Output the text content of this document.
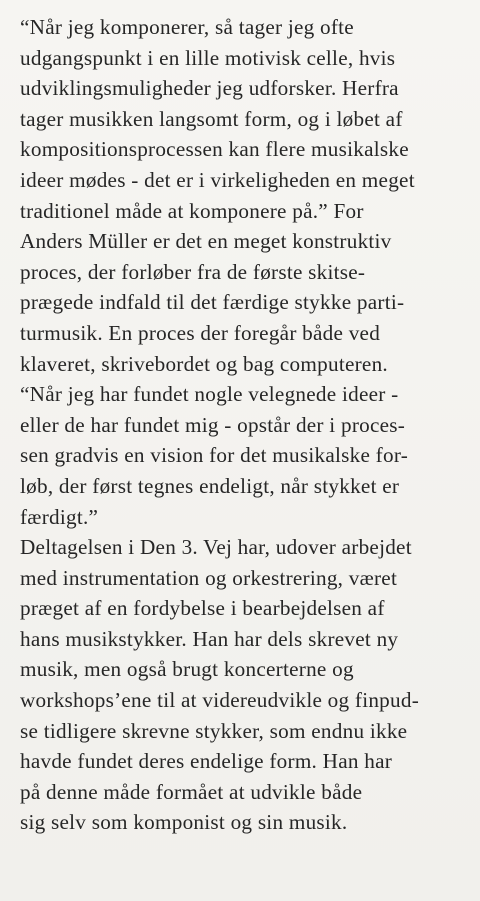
“Når jeg komponerer, så tager jeg ofte
udgangspunkt i en lille motivisk celle, hvis
udviklingsmuligheder jeg udforsker. Herfra
tager musikken langsomt form, og i løbet af
kompositionsprocessen kan flere musikalske
ideer mødes - det er i virkeligheden en meget
traditionel måde at komponere på.” For
Anders Müller er det en meget konstruktiv
proces, der forløber fra de første skitse-
prægede indfald til det færdige stykke parti-
turmusik. En proces der foregår både ved
klaveret, skrivebordet og bag computeren.
“Når jeg har fundet nogle velegnede ideer -
eller de har fundet mig - opstår der i proces-
sen gradvis en vision for det musikalske for-
løb, der først tegnes endeligt, når stykket er
færdigt.”
Deltagelsen i Den 3. Vej har, udover arbejdet
med instrumentation og orkestrering, været
præget af en fordybelse i bearbejdelsen af
hans musikstykker. Han har dels skrevet ny
musik, men også brugt koncerterne og
workshops’ene til at videreudvikle og finpud-
se tidligere skrevne stykker, som endnu ikke
havde fundet deres endelige form. Han har
på denne måde formået at udvikle både
sig selv som komponist og sin musik.
